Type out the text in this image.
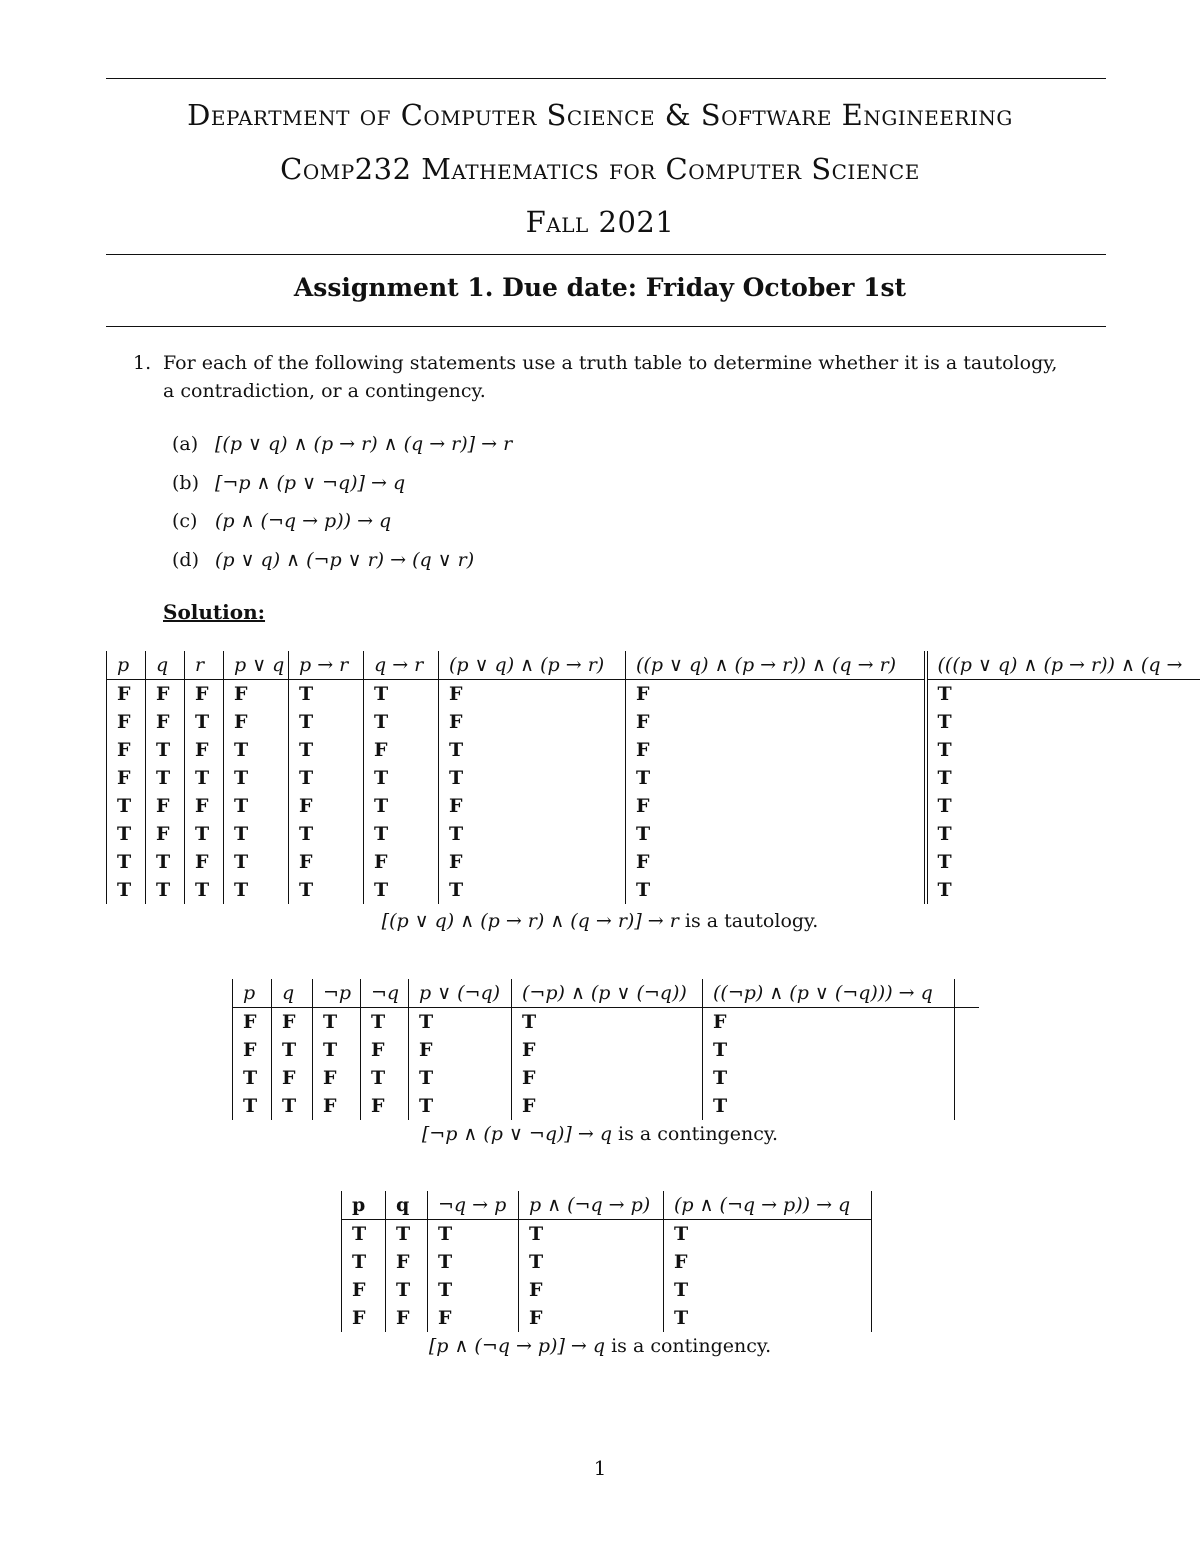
Department of Computer Science & Software Engineering
Comp232 Mathematics for Computer Science
Fall 2021
Assignment 1. Due date: Friday October 1st
1. For each of the following statements use a truth table to determine whether it is a tautology,
a contradiction, or a contingency.
(a) [(p ∨ q) ∧ (p → r) ∧ (q → r)] → r
(b) [¬p ∧ (p ∨ ¬q)] → q
(c) (p ∧ (¬q → p)) → q
(d) (p ∨ q) ∧ (¬p ∨ r) → (q ∨ r)
Solution:
p	q	r	p ∨ q	p → r	q → r	(p ∨ q) ∧ (p → r)	((p ∨ q) ∧ (p → r)) ∧ (q → r)	(((p ∨ q) ∧ (p → r)) ∧ (q →
F	F	F	F	T	T	F	F	T
F	F	T	F	T	T	F	F	T
F	T	F	T	T	F	T	F	T
F	T	T	T	T	T	T	T	T
T	F	F	T	F	T	F	F	T
T	F	T	T	T	T	T	T	T
T	T	F	T	F	F	F	F	T
T	T	T	T	T	T	T	T	T
[(p ∨ q) ∧ (p → r) ∧ (q → r)] → r is a tautology.
p	q	¬p	¬q	p ∨ (¬q)	(¬p) ∧ (p ∨ (¬q))	((¬p) ∧ (p ∨ (¬q))) → q	
F	F	T	T	T	T	F	
F	T	T	F	F	F	T	
T	F	F	T	T	F	T	
T	T	F	F	T	F	T	
[¬p ∧ (p ∨ ¬q)] → q is a contingency.
p	q	¬q → p	p ∧ (¬q → p)	(p ∧ (¬q → p)) → q
T	T	T	T	T
T	F	T	T	F
F	T	T	F	T
F	F	F	F	T
[p ∧ (¬q → p)] → q is a contingency.
1
